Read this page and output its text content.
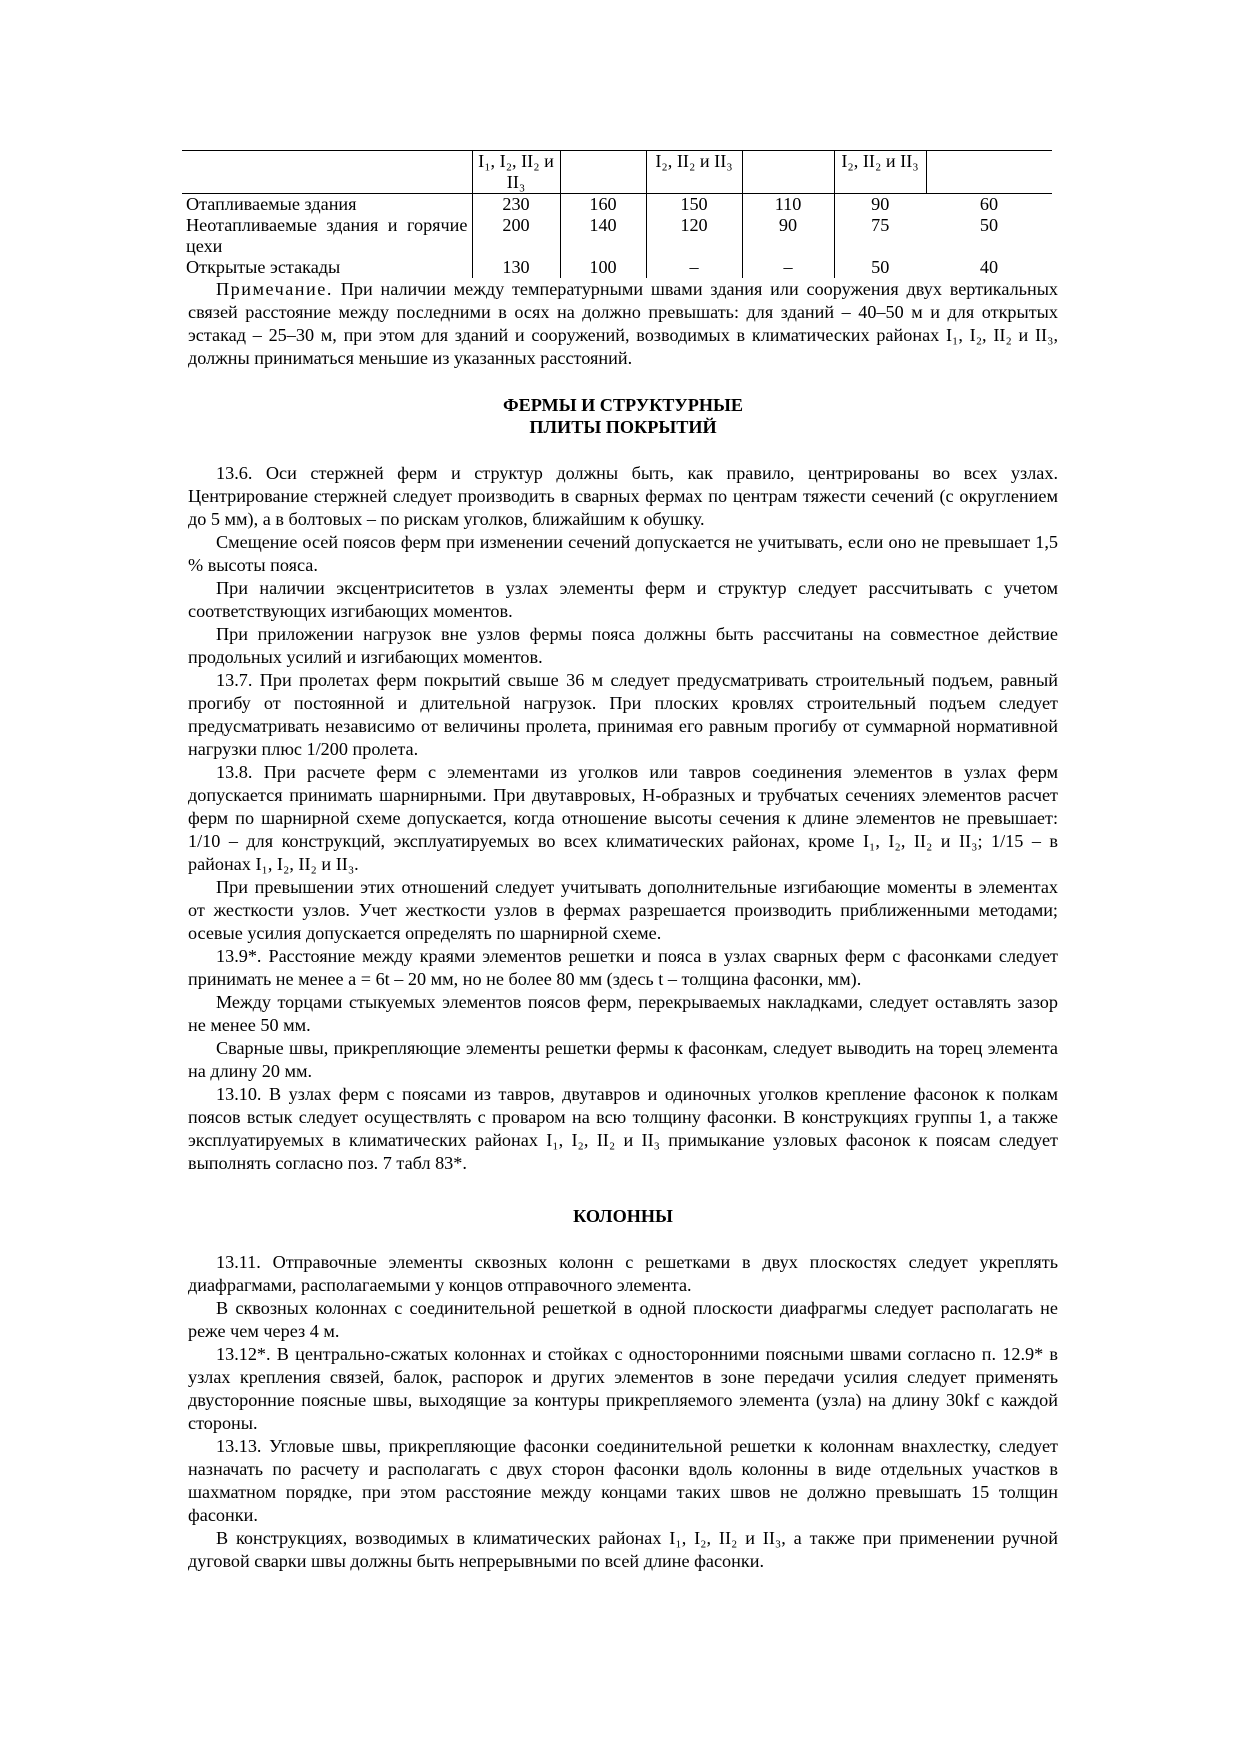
	I₁, I₂, II₂ и II₃		I₂, II₂ и II₃		I₂, II₂ и II₃	
Отапливаемые здания	230	160	150	110	90	60
Неотапливаемые здания и горячие цехи	200	140	120	90	75	50
Открытые эстакады	130	100	–	–	50	40

Примечание. При наличии между температурными швами здания или сооружения двух вертикальных связей расстояние между последними в осях на должно превышать: для зданий – 40–50 м и для открытых эстакад – 25–30 м, при этом для зданий и сооружений, возводимых в климатических районах I₁, I₂, II₂ и II₃, должны приниматься меньшие из указанных расстояний.

ФЕРМЫ И СТРУКТУРНЫЕ
ПЛИТЫ ПОКРЫТИЙ

13.6. Оси стержней ферм и структур должны быть, как правило, центрированы во всех узлах. Центрирование стержней следует производить в сварных фермах по центрам тяжести сечений (с округлением до 5 мм), а в болтовых – по рискам уголков, ближайшим к обушку.

Смещение осей поясов ферм при изменении сечений допускается не учитывать, если оно не превышает 1,5 % высоты пояса.

При наличии эксцентриситетов в узлах элементы ферм и структур следует рассчитывать с учетом соответствующих изгибающих моментов.

При приложении нагрузок вне узлов фермы пояса должны быть рассчитаны на совместное действие продольных усилий и изгибающих моментов.

13.7. При пролетах ферм покрытий свыше 36 м следует предусматривать строительный подъем, равный прогибу от постоянной и длительной нагрузок. При плоских кровлях строительный подъем следует предусматривать независимо от величины пролета, принимая его равным прогибу от суммарной нормативной нагрузки плюс 1/200 пролета.

13.8. При расчете ферм с элементами из уголков или тавров соединения элементов в узлах ферм допускается принимать шарнирными. При двутавровых, Н-образных и трубчатых сечениях элементов расчет ферм по шарнирной схеме допускается, когда отношение высоты сечения к длине элементов не превышает: 1/10 – для конструкций, эксплуатируемых во всех климатических районах, кроме I₁, I₂, II₂ и II₃; 1/15 – в районах I₁, I₂, II₂ и II₃.

При превышении этих отношений следует учитывать дополнительные изгибающие моменты в элементах от жесткости узлов. Учет жесткости узлов в фермах разрешается производить приближенными методами; осевые усилия допускается определять по шарнирной схеме.

13.9*. Расстояние между краями элементов решетки и пояса в узлах сварных ферм с фасонками следует принимать не менее a = 6t – 20 мм, но не более 80 мм (здесь t – толщина фасонки, мм).

Между торцами стыкуемых элементов поясов ферм, перекрываемых накладками, следует оставлять зазор не менее 50 мм.

Сварные швы, прикрепляющие элементы решетки фермы к фасонкам, следует выводить на торец элемента на длину 20 мм.

13.10. В узлах ферм с поясами из тавров, двутавров и одиночных уголков крепление фасонок к полкам поясов встык следует осуществлять с проваром на всю толщину фасонки. В конструкциях группы 1, а также эксплуатируемых в климатических районах I₁, I₂, II₂ и II₃ примыкание узловых фасонок к поясам следует выполнять согласно поз. 7 табл 83*.

КОЛОННЫ

13.11. Отправочные элементы сквозных колонн с решетками в двух плоскостях следует укреплять диафрагмами, располагаемыми у концов отправочного элемента.

В сквозных колоннах с соединительной решеткой в одной плоскости диафрагмы следует располагать не реже чем через 4 м.

13.12*. В центрально-сжатых колоннах и стойках с односторонними поясными швами согласно п. 12.9* в узлах крепления связей, балок, распорок и других элементов в зоне передачи усилия следует применять двусторонние поясные швы, выходящие за контуры прикрепляемого элемента (узла) на длину 30kf с каждой стороны.

13.13. Угловые швы, прикрепляющие фасонки соединительной решетки к колоннам внахлестку, следует назначать по расчету и располагать с двух сторон фасонки вдоль колонны в виде отдельных участков в шахматном порядке, при этом расстояние между концами таких швов не должно превышать 15 толщин фасонки.

В конструкциях, возводимых в климатических районах I₁, I₂, II₂ и II₃, а также при применении ручной дуговой сварки швы должны быть непрерывными по всей длине фасонки.
